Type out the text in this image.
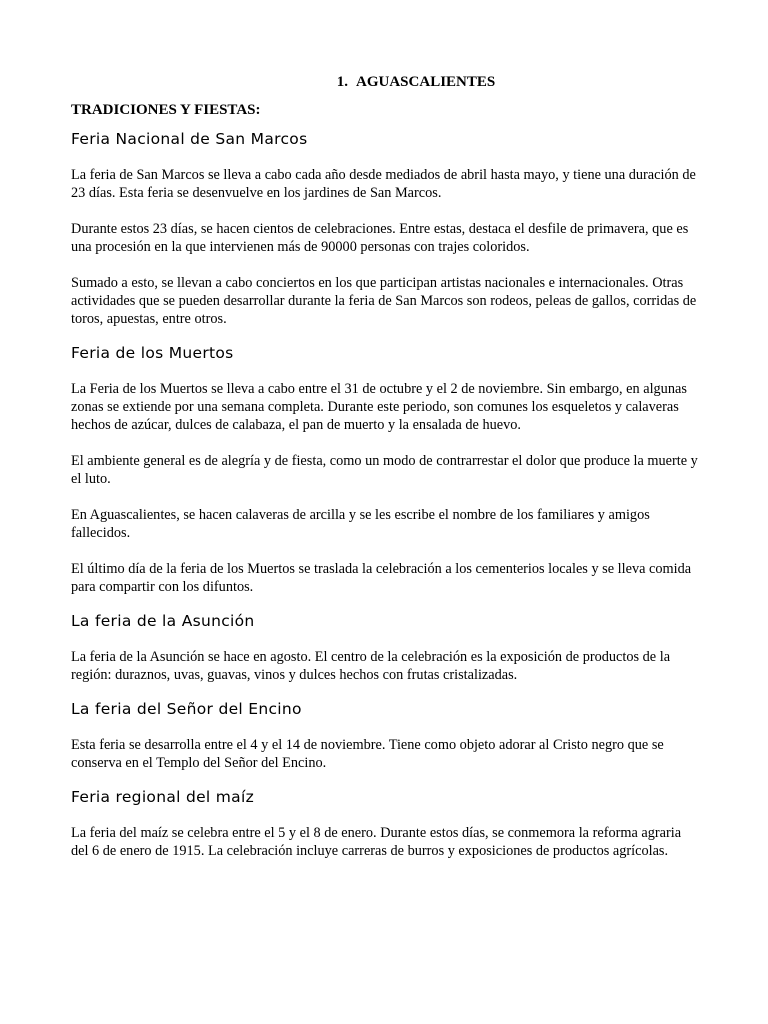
1. AGUASCALIENTES
TRADICIONES Y FIESTAS:
Feria Nacional de San Marcos

La feria de San Marcos se lleva a cabo cada año desde mediados de abril hasta mayo, y tiene una duración de 23 días. Esta feria se desenvuelve en los jardines de San Marcos.

Durante estos 23 días, se hacen cientos de celebraciones. Entre estas, destaca el desfile de primavera, que es una procesión en la que intervienen más de 90000 personas con trajes coloridos.

Sumado a esto, se llevan a cabo conciertos en los que participan artistas nacionales e internacionales. Otras actividades que se pueden desarrollar durante la feria de San Marcos son rodeos, peleas de gallos, corridas de toros, apuestas, entre otros.

Feria de los Muertos

La Feria de los Muertos se lleva a cabo entre el 31 de octubre y el 2 de noviembre. Sin embargo, en algunas zonas se extiende por una semana completa. Durante este periodo, son comunes los esqueletos y calaveras hechos de azúcar, dulces de calabaza, el pan de muerto y la ensalada de huevo.

El ambiente general es de alegría y de fiesta, como un modo de contrarrestar el dolor que produce la muerte y el luto.

En Aguascalientes, se hacen calaveras de arcilla y se les escribe el nombre de los familiares y amigos fallecidos.

El último día de la feria de los Muertos se traslada la celebración a los cementerios locales y se lleva comida para compartir con los difuntos.

La feria de la Asunción

La feria de la Asunción se hace en agosto. El centro de la celebración es la exposición de productos de la región: duraznos, uvas, guavas, vinos y dulces hechos con frutas cristalizadas.

La feria del Señor del Encino

Esta feria se desarrolla entre el 4 y el 14 de noviembre. Tiene como objeto adorar al Cristo negro que se conserva en el Templo del Señor del Encino.

Feria regional del maíz

La feria del maíz se celebra entre el 5 y el 8 de enero. Durante estos días, se conmemora la reforma agraria del 6 de enero de 1915. La celebración incluye carreras de burros y exposiciones de productos agrícolas.
